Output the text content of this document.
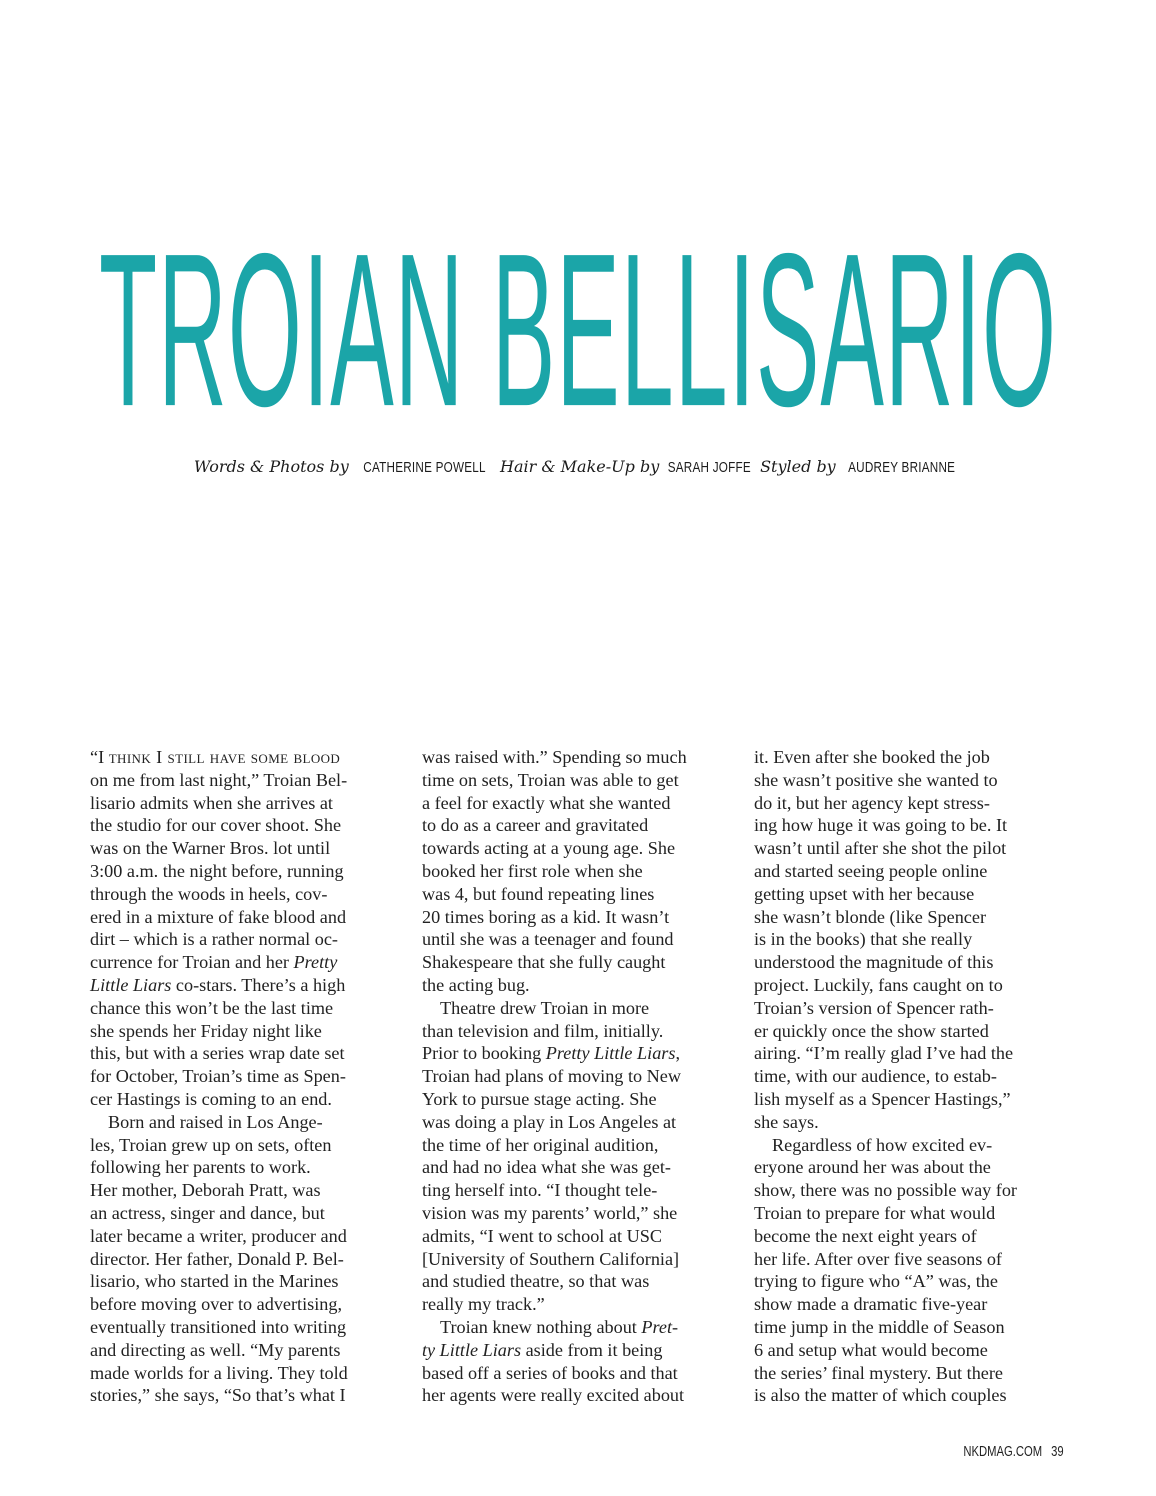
TROIAN BELLISARIO
Words & Photos by CATHERINE POWELL Hair & Make-Up by SARAH JOFFE Styled by AUDREY BRIANNE

“I think I still have some blood
on me from last night,” Troian Bel-
lisario admits when she arrives at
the studio for our cover shoot. She
was on the Warner Bros. lot until
3:00 a.m. the night before, running
through the woods in heels, cov-
ered in a mixture of fake blood and
dirt – which is a rather normal oc-
currence for Troian and her Pretty
Little Liars co-stars. There’s a high
chance this won’t be the last time
she spends her Friday night like
this, but with a series wrap date set
for October, Troian’s time as Spen-
cer Hastings is coming to an end.

Born and raised in Los Ange-
les, Troian grew up on sets, often
following her parents to work.
Her mother, Deborah Pratt, was
an actress, singer and dance, but
later became a writer, producer and
director. Her father, Donald P. Bel-
lisario, who started in the Marines
before moving over to advertising,
eventually transitioned into writing
and directing as well. “My parents
made worlds for a living. They told
stories,” she says, “So that’s what I

was raised with.” Spending so much
time on sets, Troian was able to get
a feel for exactly what she wanted
to do as a career and gravitated
towards acting at a young age. She
booked her first role when she
was 4, but found repeating lines
20 times boring as a kid. It wasn’t
until she was a teenager and found
Shakespeare that she fully caught
the acting bug.

Theatre drew Troian in more
than television and film, initially.
Prior to booking Pretty Little Liars,
Troian had plans of moving to New
York to pursue stage acting. She
was doing a play in Los Angeles at
the time of her original audition,
and had no idea what she was get-
ting herself into. “I thought tele-
vision was my parents’ world,” she
admits, “I went to school at USC
[University of Southern California]
and studied theatre, so that was
really my track.”

Troian knew nothing about Pret-
ty Little Liars aside from it being
based off a series of books and that
her agents were really excited about

it. Even after she booked the job
she wasn’t positive she wanted to
do it, but her agency kept stress-
ing how huge it was going to be. It
wasn’t until after she shot the pilot
and started seeing people online
getting upset with her because
she wasn’t blonde (like Spencer
is in the books) that she really
understood the magnitude of this
project. Luckily, fans caught on to
Troian’s version of Spencer rath-
er quickly once the show started
airing. “I’m really glad I’ve had the
time, with our audience, to estab-
lish myself as a Spencer Hastings,”
she says.

Regardless of how excited ev-
eryone around her was about the
show, there was no possible way for
Troian to prepare for what would
become the next eight years of
her life. After over five seasons of
trying to figure who “A” was, the
show made a dramatic five-year
time jump in the middle of Season
6 and setup what would become
the series’ final mystery. But there
is also the matter of which couples

NKDMAG.COM 39
